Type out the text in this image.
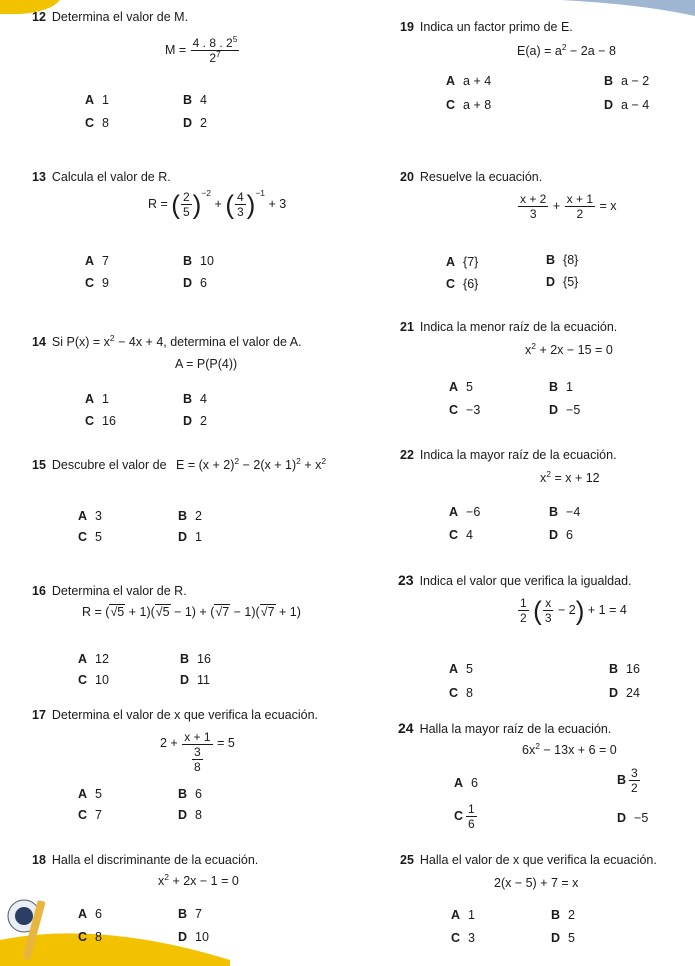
12 Determina el valor de M.
$M = \frac{4 . 8 . 2^5}{2^7}$
A 1	B 4
C 8	D 2
13 Calcula el valor de R.
R = ( $\frac{2}{5} )^{-2}$ + ( $\frac{4}{3} )^{-1} + 3$
A 7	B 10
C 9	D 6
14 Si $P(x) = x^2 - 4x + 4$, determina el valor de A.
A = P(P(4))
A 1	B 4
C 16	D 2
15 Descubre el valor de $E = (x + 2)^2 - 2(x + 1)^2 + x^2$
A 3	B 2
C 5	D 1
16 Determina el valor de R.
R = (√5 + 1)(√5 − 1) + (√7 − 1)(√7 + 1)
A 12	B 16
C 10	D 11
17 Determina el valor de x que verifica la ecuación.
2 + x + 1
3
8
= 5
A 5	B 6
C 7	D 8
18 Halla el discriminante de la ecuación.
$x^2 + 2x - 1 = 0$
A 6	B 7
C 8	D 10
19 Indica un factor primo de E.
$E(a) = a^2 - 2a - 8$
A a + 4	B a − 2
C a + 8	D a − 4
20 Resuelve la ecuación.
$\frac{x + 2}{3} + \frac{x + 1}{2} = x$
A {7}	B {8}
C {6}	D {5}
21 Indica la menor raíz de la ecuación.
$x^2 + 2x - 15 = 0$
A 5	B 1
C −3	D −5
22 Indica la mayor raíz de la ecuación.
$x^2 = x + 12$
A −6	B −4
C 4	D 6
23 Indica el valor que verifica la igualdad.
$\frac{1}{2}$ ( $\frac{x}{3} - 2) + 1 = 4$
A 5	B 16
C 8	D 24
24 Halla la mayor raíz de la ecuación.
$6x^2 - 13x + 6 = 0$
A 6	B $\frac{3}{2}$
C $\frac{1}{6}$	D −5
25 Halla el valor de x que verifica la ecuación.
2(x − 5) + 7 = x
A 1	B 2
C 3	D 5
